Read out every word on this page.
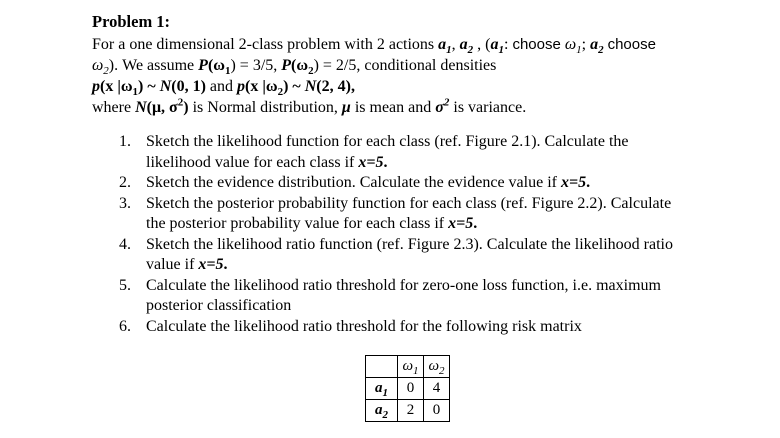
Problem 1:
For a one dimensional 2-class problem with 2 actions $a_1$, $a_2$ , ($a_1$: choose $\omega_1$; $a_2$ choose
$\omega_2$). We assume $P(\omega_1) = 3/5$, $P(\omega_2) = 2/5$, conditional densities
p(x $|\omega_1$) ~ N(0, 1) and p(x $|\omega_2$) ~ N(2, 4),
where N(μ, $\sigma^2$) is Normal distribution, μ is mean and $\sigma^2$ is variance.
1. Sketch the likelihood function for each class (ref. Figure 2.1). Calculate the
likelihood value for each class if x=5.
2. Sketch the evidence distribution. Calculate the evidence value if x=5.
3. Sketch the posterior probability function for each class (ref. Figure 2.2). Calculate
the posterior probability value for each class if x=5.
4. Sketch the likelihood ratio function (ref. Figure 2.3). Calculate the likelihood ratio
value if x=5.
5. Calculate the likelihood ratio threshold for zero-one loss function, i.e. maximum
posterior classification
6. Calculate the likelihood ratio threshold for the following risk matrix
	$\omega_1$	$\omega_2$
$a_1$	0	4
$a_2$	2	0
